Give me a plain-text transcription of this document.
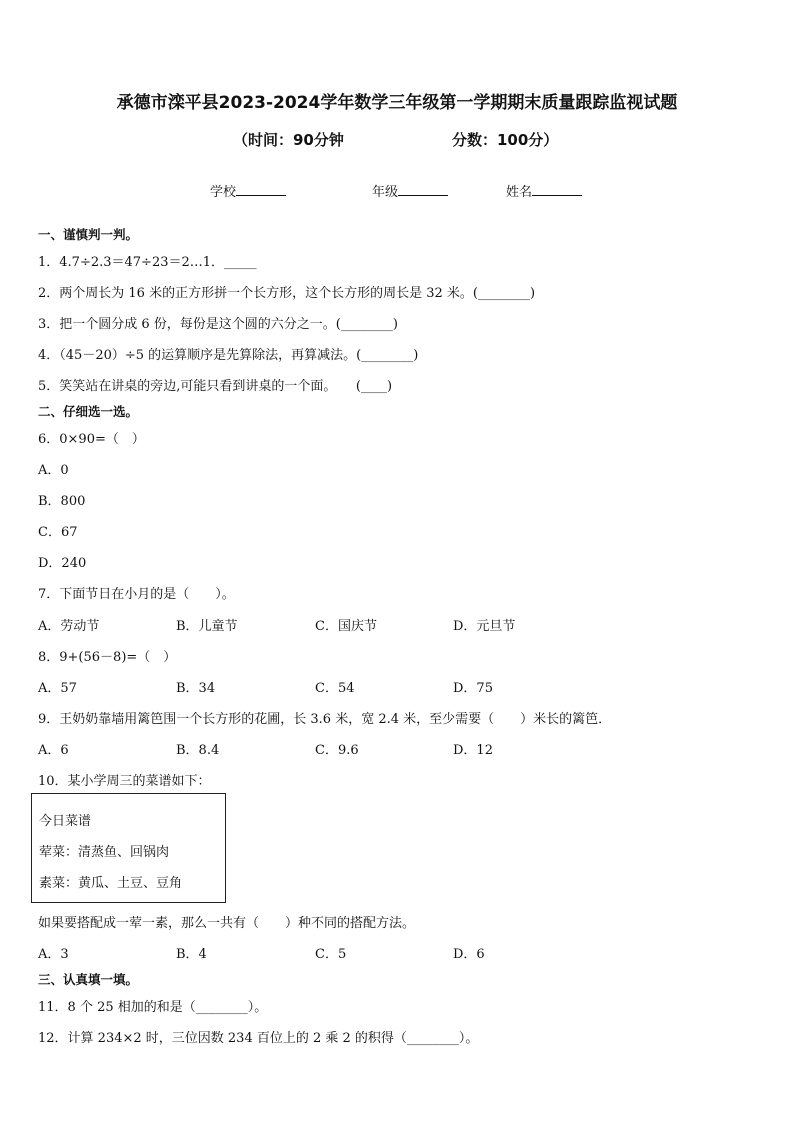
承德市滦平县2023-2024学年数学三年级第一学期期末质量跟踪监视试题
（时间：90分钟	分数：100分）
学校	年级	姓名
一、谨慎判一判。
1．4.7÷2.3＝47÷23＝2…1．_____
2．两个周长为 16 米的正方形拼一个长方形，这个长方形的周长是 32 米。(________)
3．把一个圆分成 6 份，每份是这个圆的六分之一。(________)
4．（45－20）÷5 的运算顺序是先算除法，再算减法。(________)
5．笑笑站在讲桌的旁边,可能只看到讲桌的一个面。　　(____)
二、仔细选一选。
6．0×90=（　）
A．0
B．800
C．67
D．240
7．下面节日在小月的是（　　）。
A．劳动节	B．儿童节	C．国庆节	D．元旦节
8．9+(56－8)=（　）
A．57	B．34	C．54	D．75
9．王奶奶靠墙用篱笆围一个长方形的花圃，长 3.6 米，宽 2.4 米，至少需要（　　）米长的篱笆．
A．6	B．8.4	C．9.6	D．12
10．某小学周三的菜谱如下：
今日菜谱
荤菜：清蒸鱼、回锅肉
素菜：黄瓜、土豆、豆角
如果要搭配成一荤一素，那么一共有（　　）种不同的搭配方法。
A．3	B．4	C．5	D．6
三、认真填一填。
11．8 个 25 相加的和是（________）。
12．计算 234×2 时，三位因数 234 百位上的 2 乘 2 的积得（________）。
